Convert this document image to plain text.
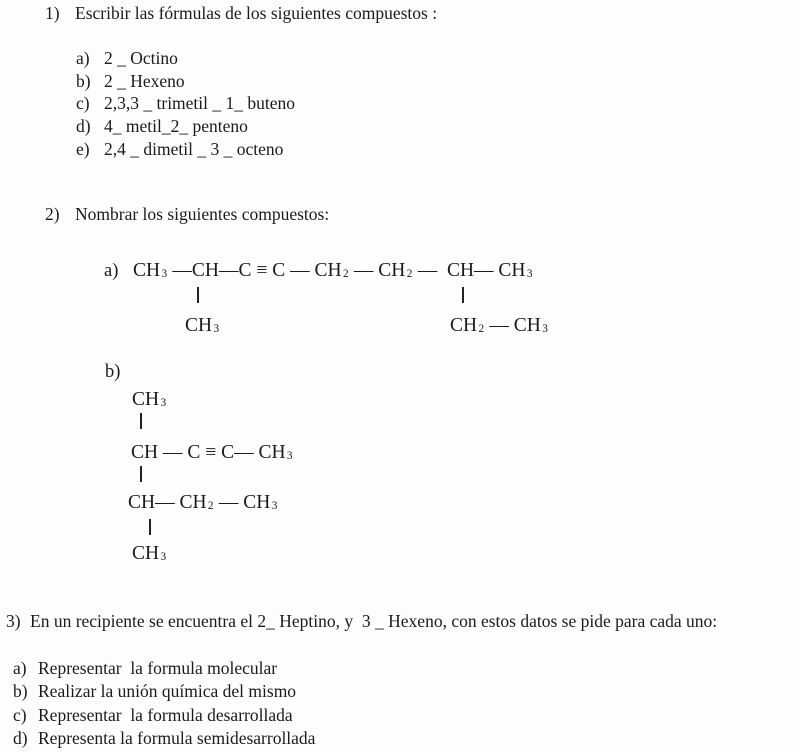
1) Escribir las fórmulas de los siguientes compuestos :
a) 2 _ Octino
b) 2 _ Hexeno
c) 2,3,3 _ trimetil _ 1_ buteno
d) 4_ metil_2_ penteno
e) 2,4 _ dimetil _ 3 _ octeno
2) Nombrar los siguientes compuestos:
a) CH3 —CH—C ≡ C — CH2 — CH2 —  CH— CH3
CH3	CH2 — CH3
b)
CH3
CH — C ≡ C— CH3
CH— CH2 — CH3
CH3
3) En un recipiente se encuentra el 2_ Heptino, y  3 _ Hexeno, con estos datos se pide para cada uno:
a) Representar  la formula molecular
b) Realizar la unión química del mismo
c) Representar  la formula desarrollada
d) Representa la formula semidesarrollada
